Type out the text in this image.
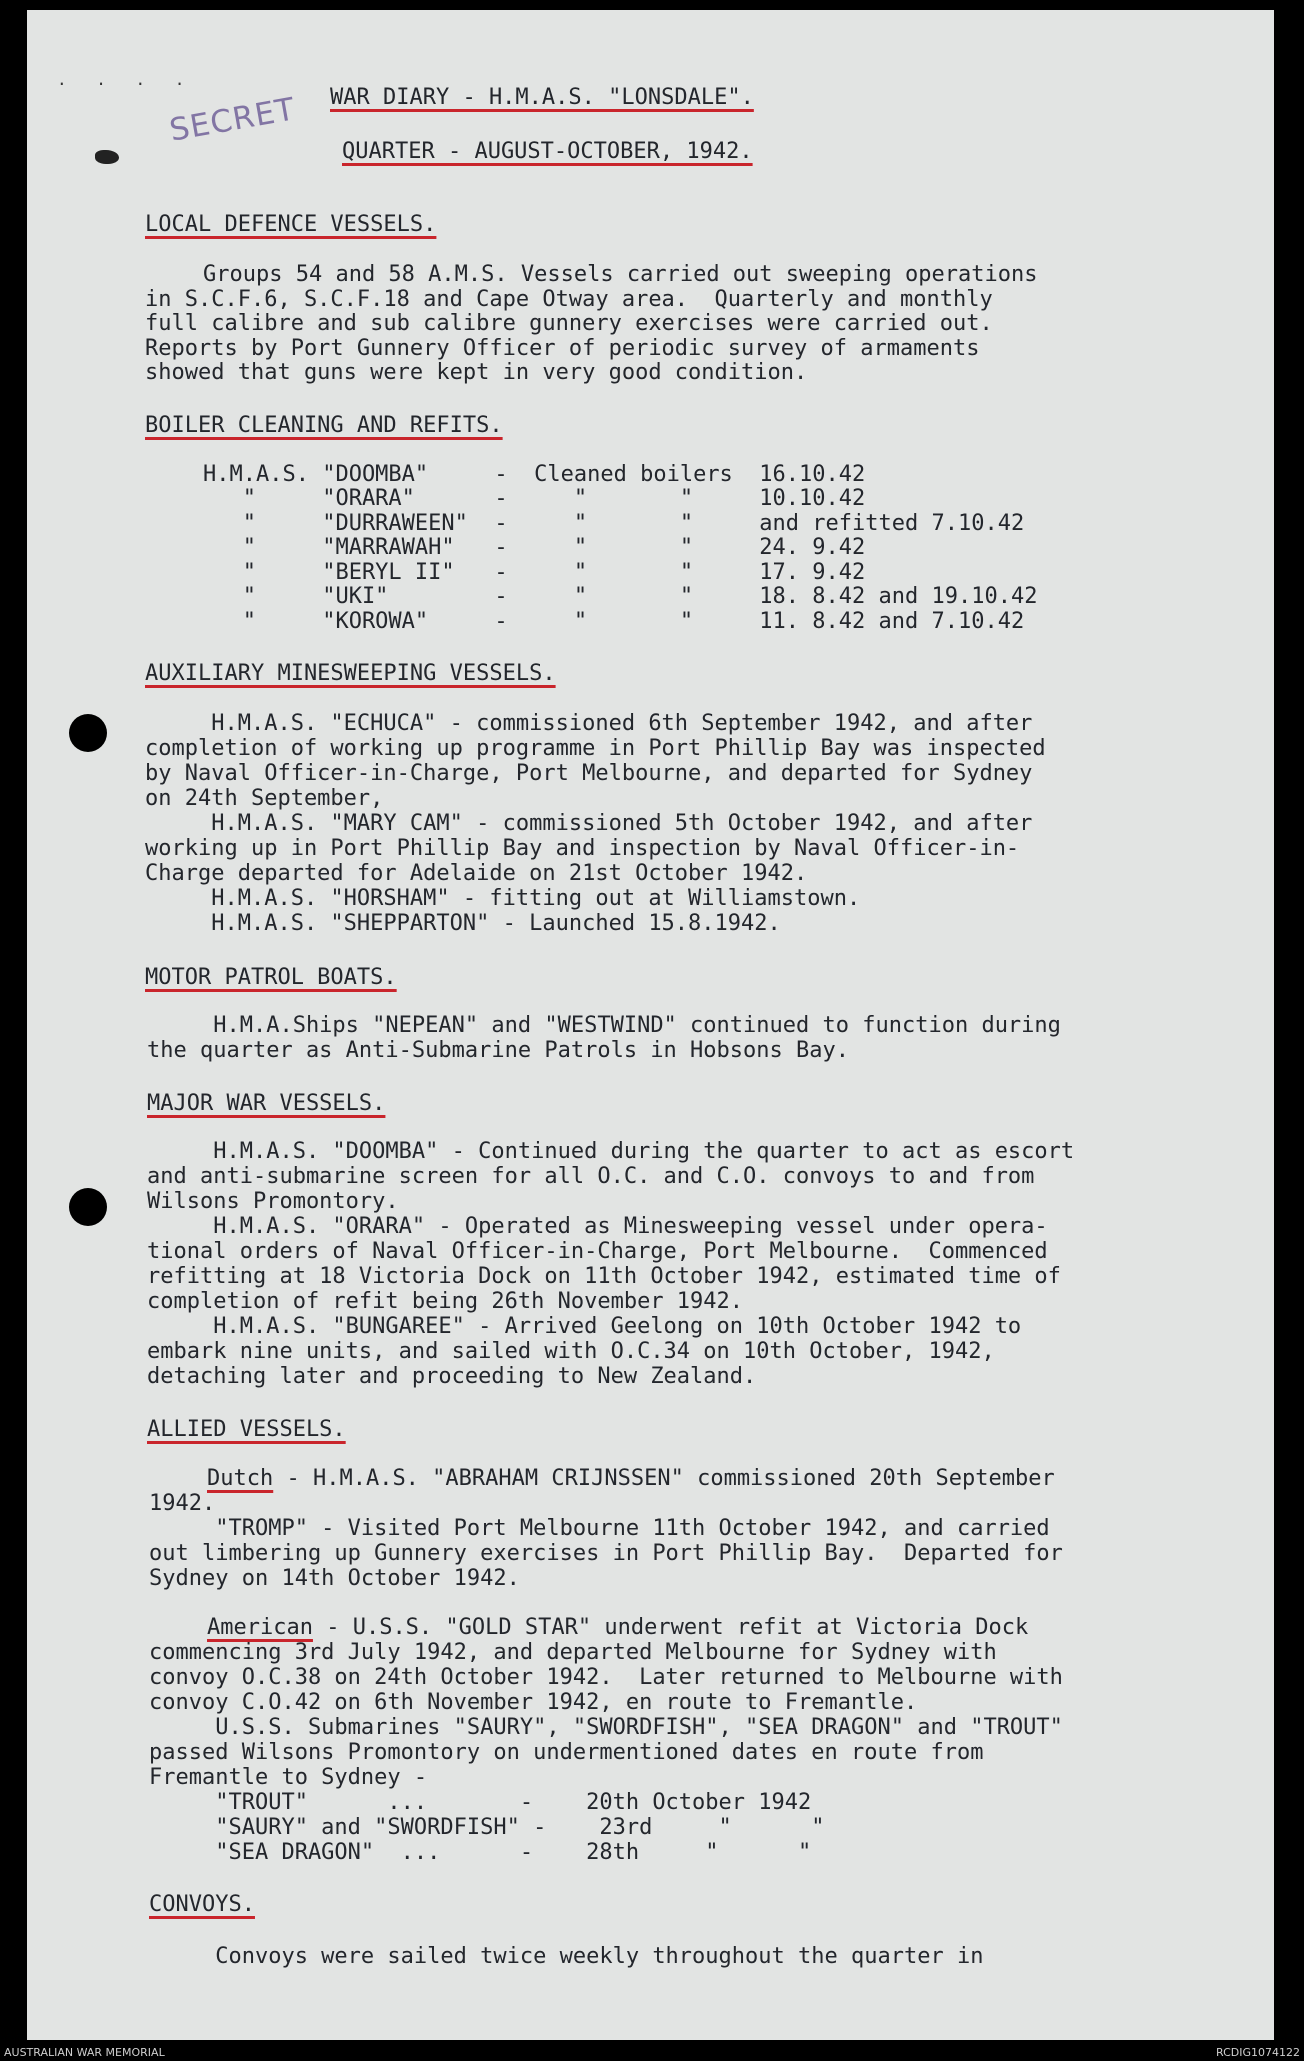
. . . .
SECRET WAR DIARY - H.M.A.S. "LONSDALE".
QUARTER - AUGUST-OCTOBER, 1942.
LOCAL DEFENCE VESSELS.
Groups 54 and 58 A.M.S. Vessels carried out sweeping operations
in S.C.F.6, S.C.F.18 and Cape Otway area.  Quarterly and monthly
full calibre and sub calibre gunnery exercises were carried out.
Reports by Port Gunnery Officer of periodic survey of armaments
showed that guns were kept in very good condition.
BOILER CLEANING AND REFITS.
H.M.A.S. "DOOMBA"     -  Cleaned boilers  16.10.42
"     "ORARA"      -     "       "     10.10.42
"     "DURRAWEEN"  -     "       "     and refitted 7.10.42
"     "MARRAWAH"   -     "       "     24. 9.42
"     "BERYL II"   -     "       "     17. 9.42
"     "UKI"        -     "       "     18. 8.42 and 19.10.42
"     "KOROWA"     -     "       "     11. 8.42 and 7.10.42
AUXILIARY MINESWEEPING VESSELS.
H.M.A.S. "ECHUCA" - commissioned 6th September 1942, and after
completion of working up programme in Port Phillip Bay was inspected
by Naval Officer-in-Charge, Port Melbourne, and departed for Sydney
on 24th September,
H.M.A.S. "MARY CAM" - commissioned 5th October 1942, and after
working up in Port Phillip Bay and inspection by Naval Officer-in-
Charge departed for Adelaide on 21st October 1942.
H.M.A.S. "HORSHAM" - fitting out at Williamstown.
H.M.A.S. "SHEPPARTON" - Launched 15.8.1942.
MOTOR PATROL BOATS.
H.M.A.Ships "NEPEAN" and "WESTWIND" continued to function during
the quarter as Anti-Submarine Patrols in Hobsons Bay.
MAJOR WAR VESSELS.
H.M.A.S. "DOOMBA" - Continued during the quarter to act as escort
and anti-submarine screen for all O.C. and C.O. convoys to and from
Wilsons Promontory.
H.M.A.S. "ORARA" - Operated as Minesweeping vessel under opera-
tional orders of Naval Officer-in-Charge, Port Melbourne.  Commenced
refitting at 18 Victoria Dock on 11th October 1942, estimated time of
completion of refit being 26th November 1942.
H.M.A.S. "BUNGAREE" - Arrived Geelong on 10th October 1942 to
embark nine units, and sailed with O.C.34 on 10th October, 1942,
detaching later and proceeding to New Zealand.
ALLIED VESSELS.
Dutch - H.M.A.S. "ABRAHAM CRIJNSSEN" commissioned 20th September
1942.
"TROMP" - Visited Port Melbourne 11th October 1942, and carried
out limbering up Gunnery exercises in Port Phillip Bay.  Departed for
Sydney on 14th October 1942.
American - U.S.S. "GOLD STAR" underwent refit at Victoria Dock
commencing 3rd July 1942, and departed Melbourne for Sydney with
convoy O.C.38 on 24th October 1942.  Later returned to Melbourne with
convoy C.O.42 on 6th November 1942, en route to Fremantle.
U.S.S. Submarines "SAURY", "SWORDFISH", "SEA DRAGON" and "TROUT"
passed Wilsons Promontory on undermentioned dates en route from
Fremantle to Sydney -
"TROUT"      ...       -    20th October 1942
"SAURY" and "SWORDFISH" -    23rd     "      "
"SEA DRAGON"  ...      -    28th     "      "
CONVOYS.
Convoys were sailed twice weekly throughout the quarter in
AUSTRALIAN WAR MEMORIAL	RCDIG1074122
